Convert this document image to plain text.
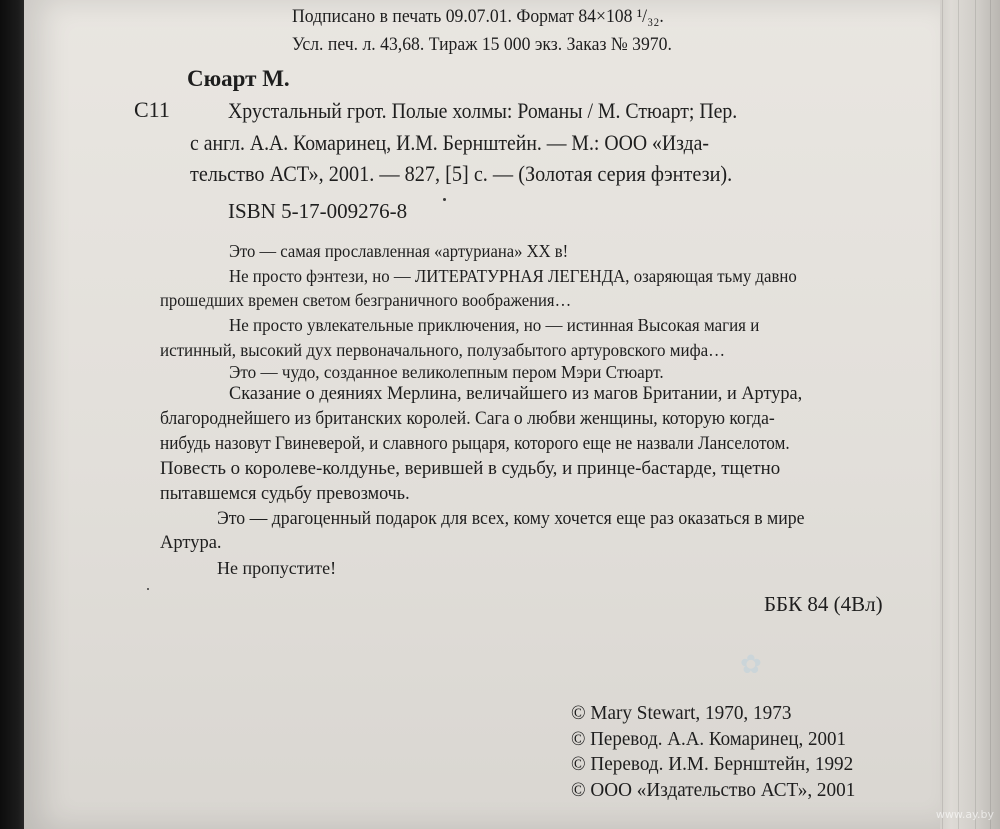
Подписано в печать 09.07.01. Формат 84×108 ¹/₃₂.
Усл. печ. л. 43,68. Тираж 15 000 экз. Заказ № 3970.
Сюарт М.
С11	Хрустальный грот. Полые холмы: Романы / М. Стюарт; Пер.
с англ. А.А. Комаринец, И.М. Бернштейн. — М.: ООО «Изда-
тельство АСТ», 2001. — 827, [5] с. — (Золотая серия фэнтези).
ISBN 5-17-009276-8
Это — самая прославленная «артуриана» XX в!
Не просто фэнтези, но — ЛИТЕРАТУРНАЯ ЛЕГЕНДА, озаряющая тьму давно
прошедших времен светом безграничного воображения…
Не просто увлекательные приключения, но — истинная Высокая магия и
истинный, высокий дух первоначального, полузабытого артуровского мифа…
Это — чудо, созданное великолепным пером Мэри Стюарт.
Сказание о деяниях Мерлина, величайшего из магов Британии, и Артура,
благороднейшего из британских королей. Сага о любви женщины, которую когда-
нибудь назовут Гвиневерой, и славного рыцаря, которого еще не назвали Ланселотом.
Повесть о королеве-колдунье, верившей в судьбу, и принце-бастарде, тщетно
пытавшемся судьбу превозмочь.
Это — драгоценный подарок для всех, кому хочется еще раз оказаться в мире
Артура.
Не пропустите!
ББК 84 (4Вл)
✿
© Mary Stewart, 1970, 1973
© Перевод. А.А. Комаринец, 2001
© Перевод. И.М. Бернштейн, 1992
© ООО «Издательство АСТ», 2001
www.ay.by
